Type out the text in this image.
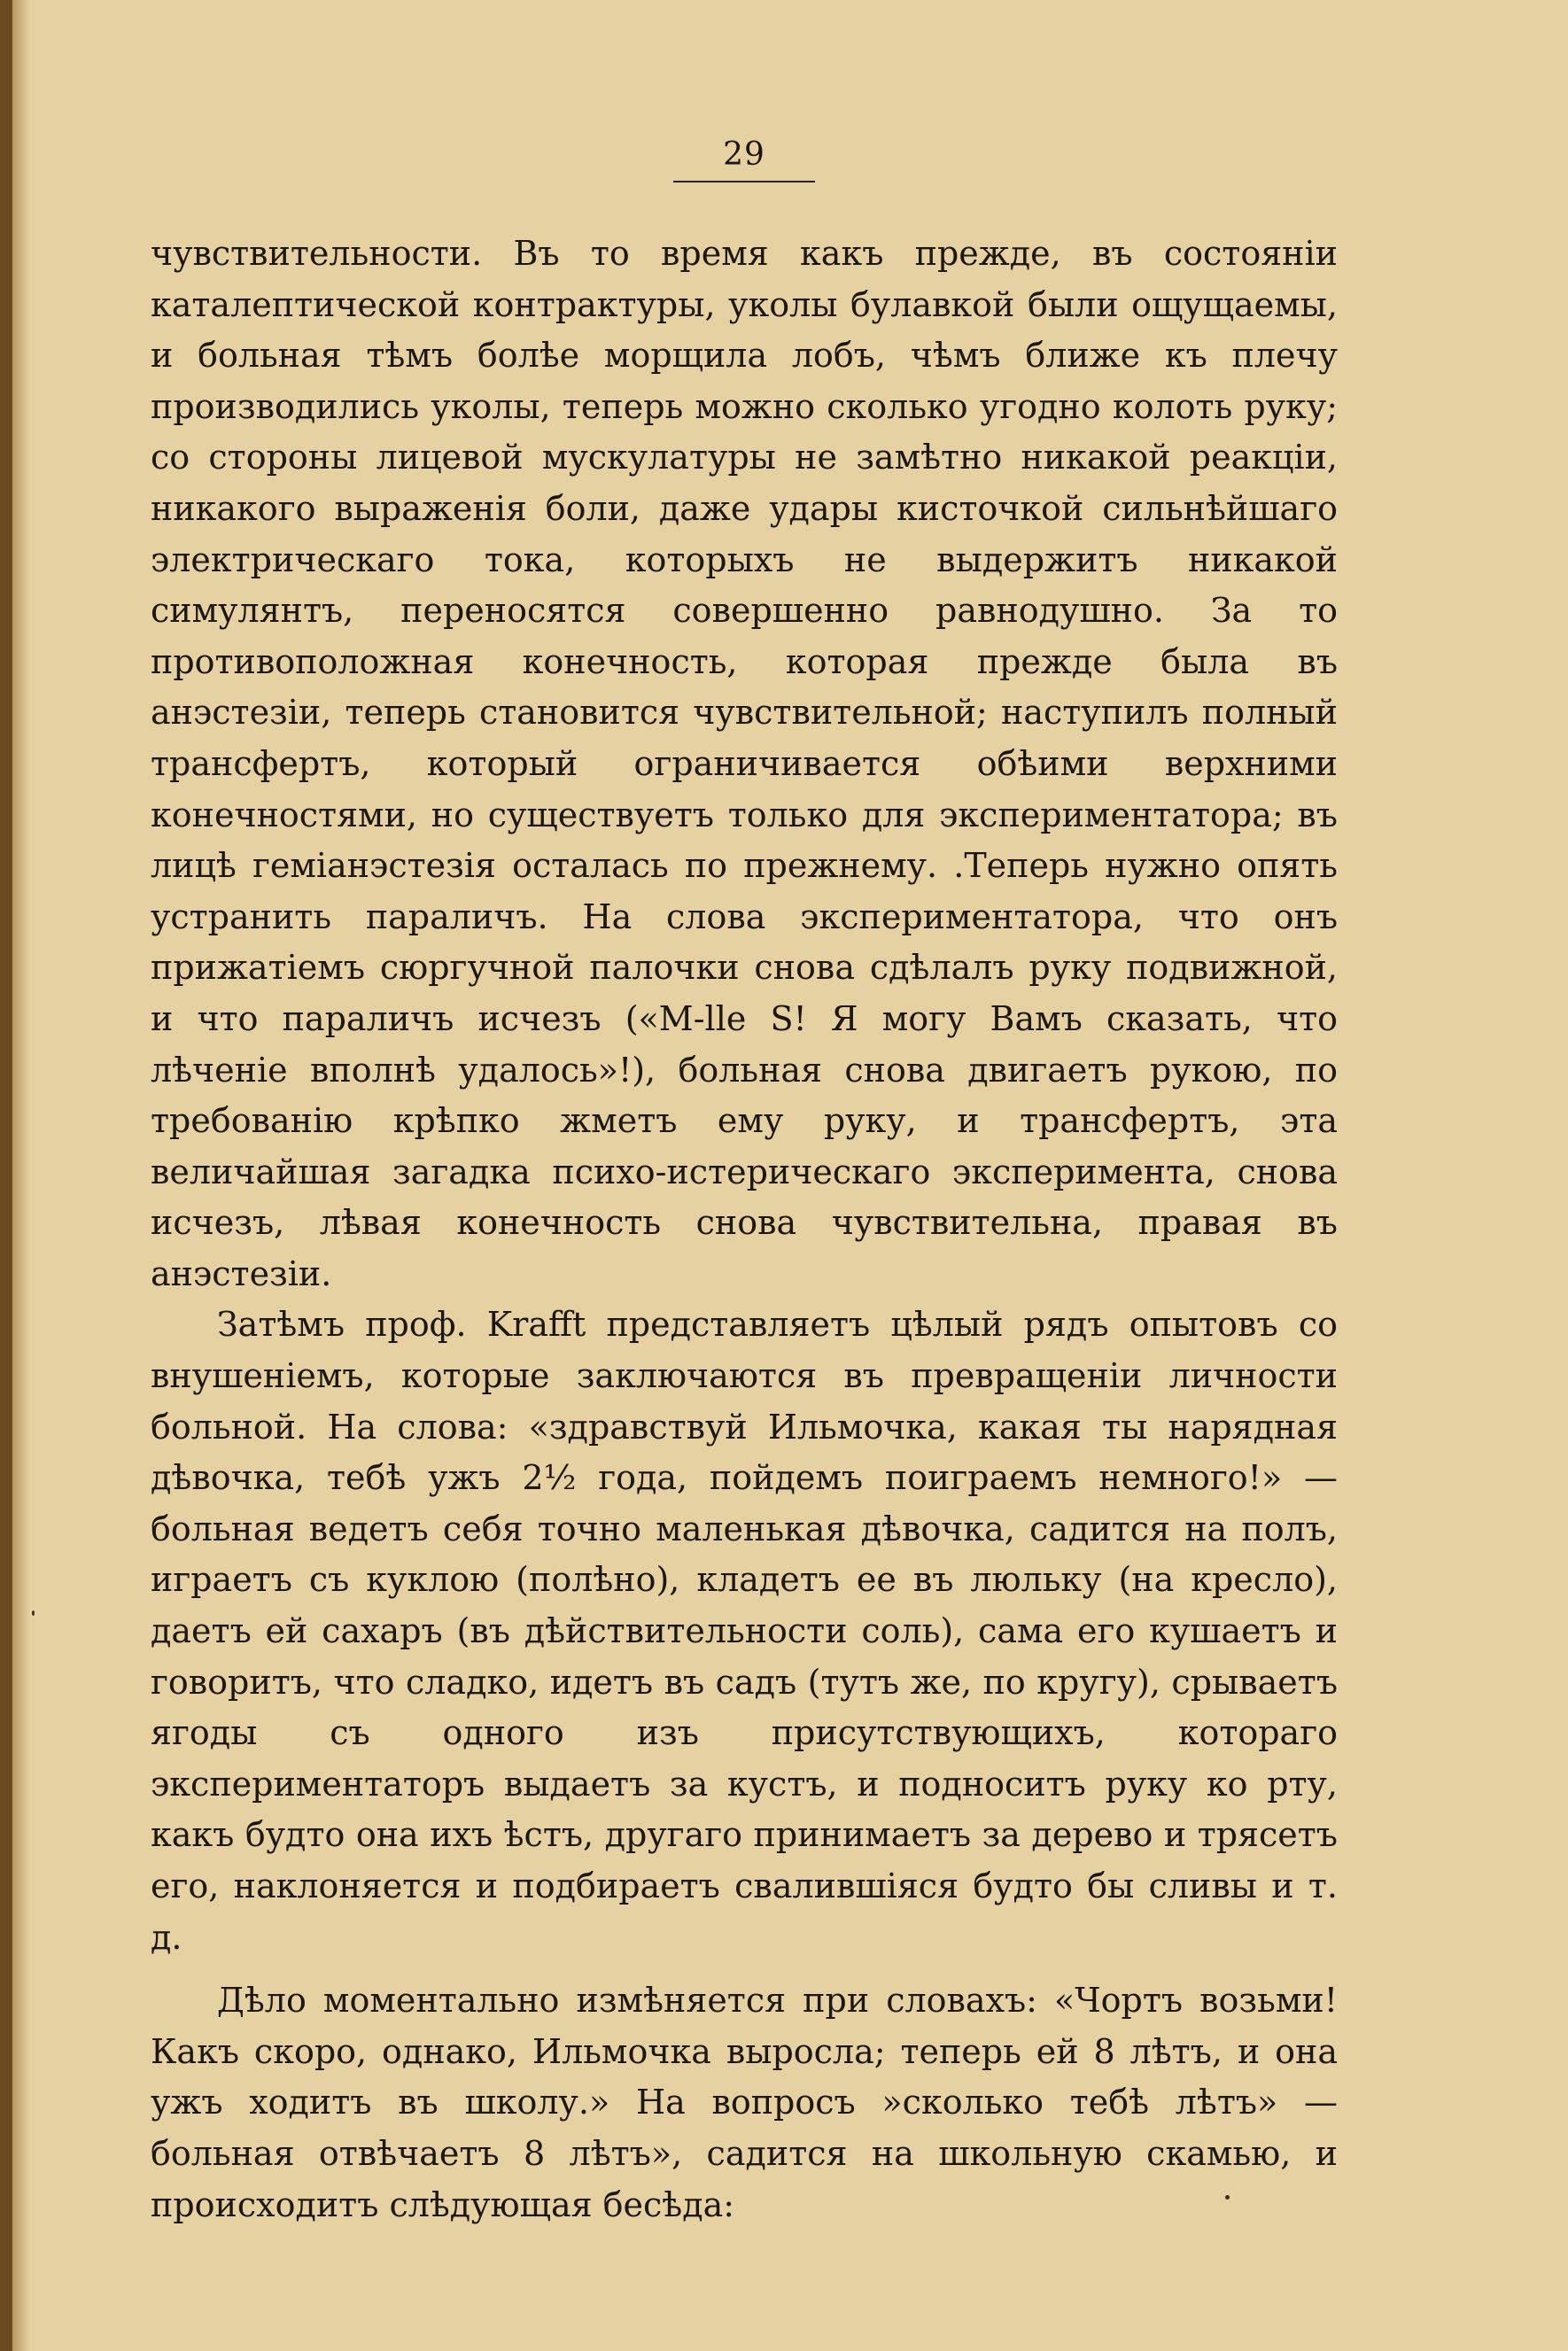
29

чувствительности. Въ то время какъ прежде, въ состоянiи каталептической контрактуры, уколы булавкой были ощущаемы, и больная тѣмъ болѣе морщила лобъ, чѣмъ ближе къ плечу производились уколы, теперь можно сколько угодно колоть руку; со стороны лицевой мускулатуры не замѣтно никакой реакцiи, никакого выраженiя боли, даже удары кисточкой сильнѣйшаго электрическаго тока, которыхъ не выдержитъ никакой симулянтъ, переносятся совершенно равнодушно. За то противоположная конечность, которая прежде была въ анэстезiи, теперь становится чувствительной; наступилъ полный трансфертъ, который ограничивается обѣими верхними конечностями, но существуетъ только для экспериментатора; въ лицѣ гемiанэстезiя осталась по прежнему. .Теперь нужно опять устранить параличъ. На слова экспериментатора, что онъ прижатiемъ сюргучной палочки снова сдѣлалъ руку подвижной, и что параличъ исчезъ («M-lle S! Я могу Вамъ сказать, что лѣченiе вполнѣ удалось»!), больная снова двигаетъ рукою, по требованiю крѣпко жметъ ему руку, и трансфертъ, эта величайшая загадка психо-истерическаго эксперимента, снова исчезъ, лѣвая конечность снова чувствительна, правая въ анэстезiи.

Затѣмъ проф. Krafft представляетъ цѣлый рядъ опытовъ со внушенiемъ, которые заключаются въ превращенiи личности больной. На слова: «здравствуй Ильмочка, какая ты нарядная дѣвочка, тебѣ ужъ 2½ года, пойдемъ поиграемъ немного!» — больная ведетъ себя точно маленькая дѣвочка, садится на полъ, играетъ съ куклою (полѣно), кладетъ ее въ люльку (на кресло), даетъ ей сахаръ (въ дѣйствительности соль), сама его кушаетъ и говоритъ, что сладко, идетъ въ садъ (тутъ же, по кругу), срываетъ ягоды съ одного изъ присутствующихъ, котораго экспериментаторъ выдаетъ за кустъ, и подноситъ руку ко рту, какъ будто она ихъ ѣстъ, другаго принимаетъ за дерево и трясетъ его, наклоняется и подбираетъ свалившiяся будто бы сливы и т. д.

Дѣло моментально измѣняется при словахъ: «Чортъ возьми! Какъ скоро, однако, Ильмочка выросла; теперь ей 8 лѣтъ, и она ужъ ходитъ въ школу.» На вопросъ »сколько тебѣ лѣтъ» — больная отвѣчаетъ 8 лѣтъ», садится на школьную скамью, и происходитъ слѣдующая бесѣда:
